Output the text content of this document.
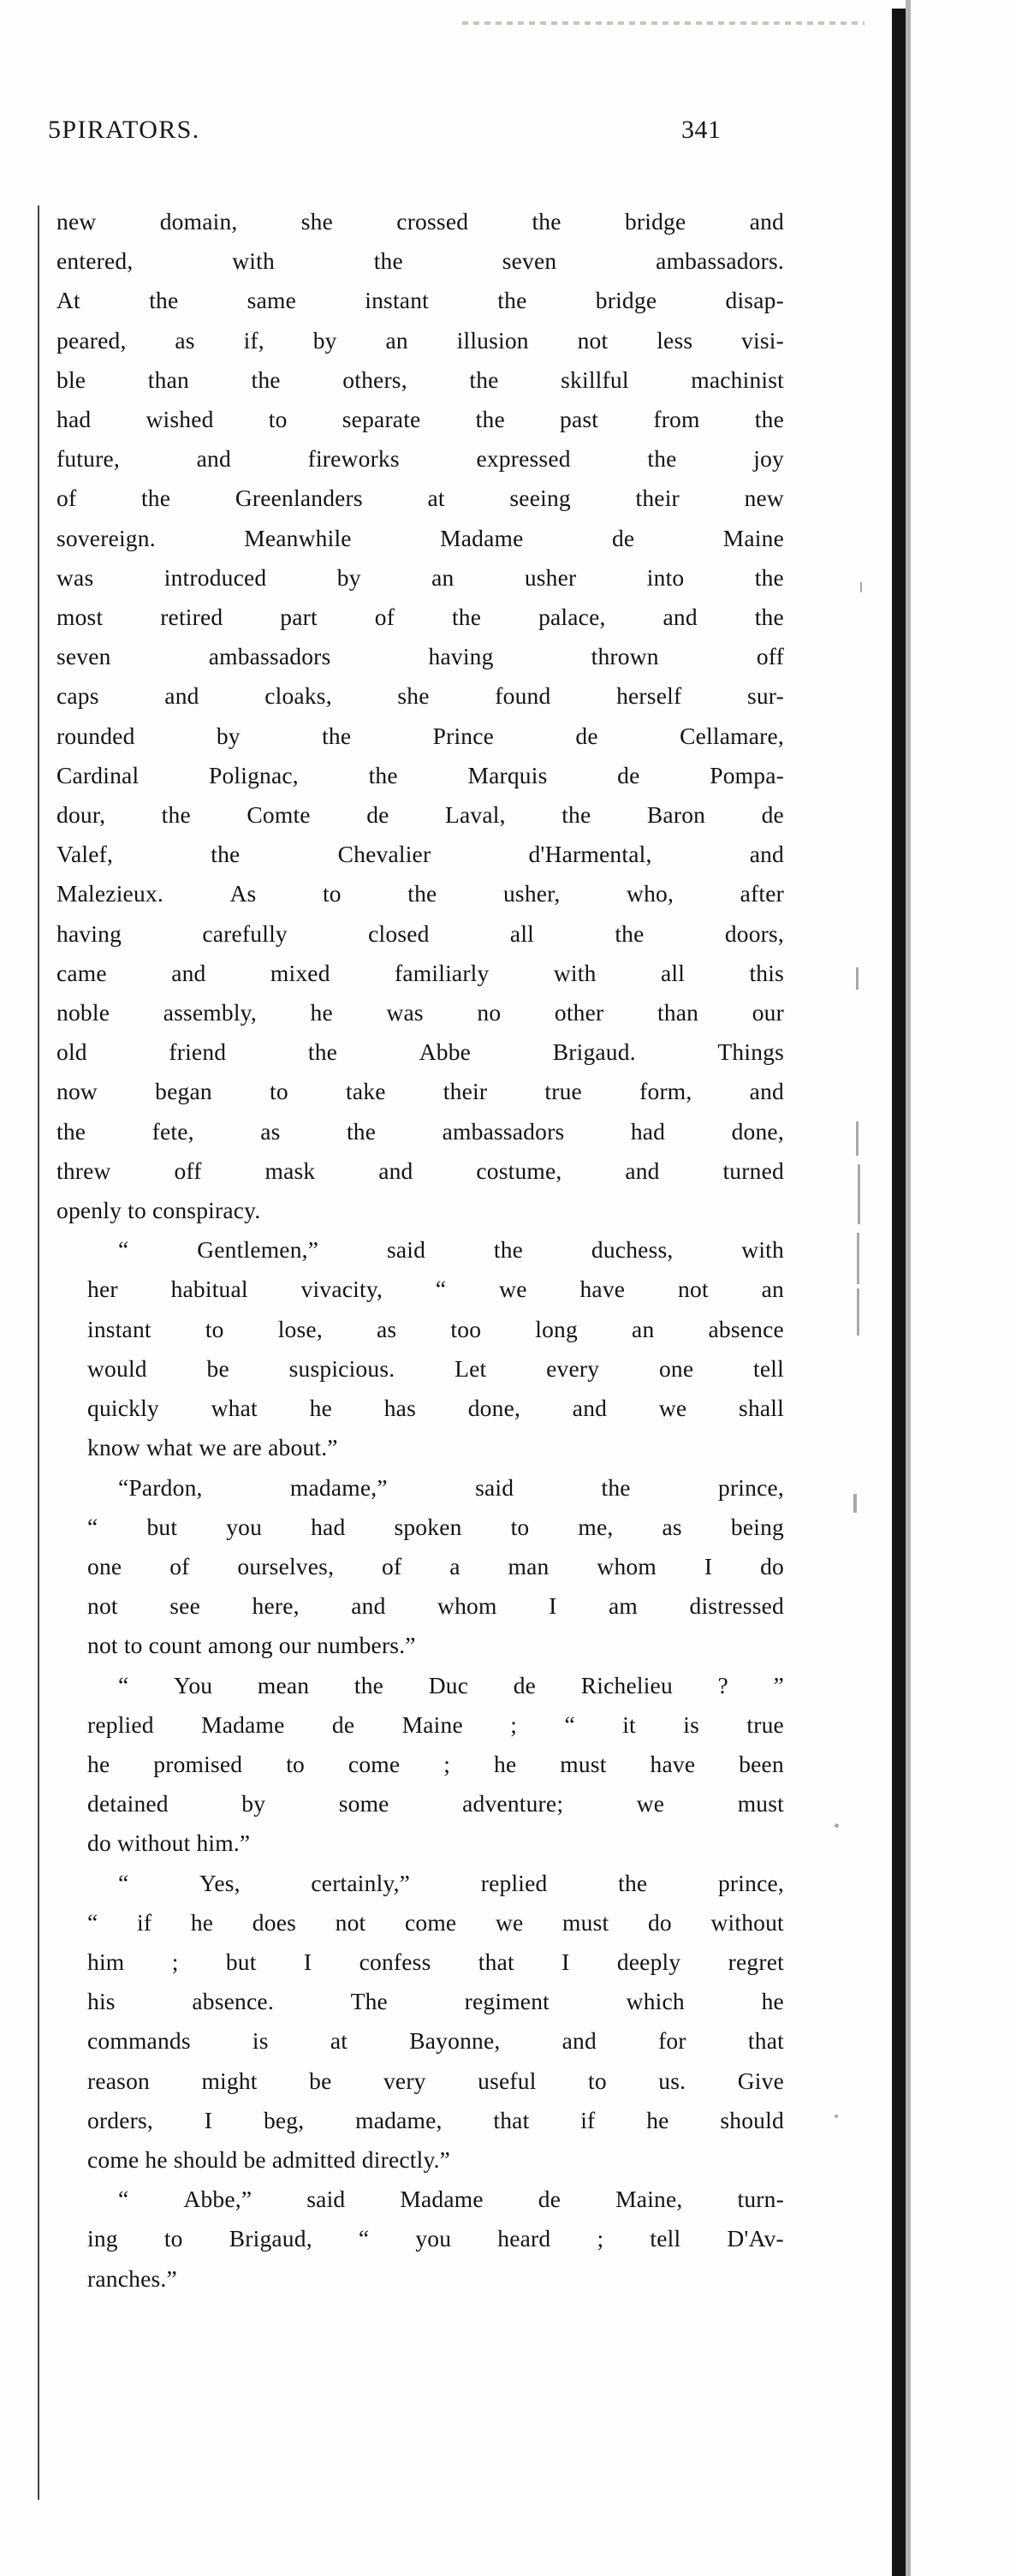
5PIRATORS.	341

new	domain,	she	crossed	the	bridge	and
entered,	with	the	seven	ambassadors.
At	the	same	instant	the	bridge	disap-
peared, as if, by an illusion not less visi-
ble	than	the	others,	the	skillful	machinist
had wished to separate the past from the
future,	and	fireworks	expressed	the	joy
of	the	Greenlanders	at	seeing	their	new
sovereign.	Meanwhile	Madame	de	Maine
was	introduced	by	an	usher	into	the
most retired part of the palace, and the
seven	ambassadors	having	thrown	off
caps	and	cloaks,	she	found	herself	sur-
rounded	by	the	Prince	de	Cellamare,
Cardinal	Polignac,	the	Marquis	de	Pompa-
dour, the Comte de Laval, the Baron de
Valef,	the	Chevalier	d'Harmental,	and
Malezieux.	As	to	the	usher,	who,	after
having	carefully	closed	all	the	doors,
came	and	mixed	familiarly	with	all	this
noble assembly, he was no other than our
old	friend	the	Abbe	Brigaud.	Things
now began to take their true form, and
the	fete,	as	the	ambassadors	had	done,
threw	off	mask	and	costume,	and	turned
openly to conspiracy.

“	Gentlemen,”	said	the	duchess,	with
her	habitual	vivacity,	“	we	have	not	an
instant	to	lose,	as	too	long	an	absence
would	be	suspicious.	Let	every	one	tell
quickly	what	he	has	done,	and	we	shall
know what we are about.”

“Pardon,	madame,”	said	the	prince,
“	but	you	had	spoken	to	me,	as	being
one	of	ourselves,	of	a	man	whom	I	do
not	see	here,	and	whom	I	am	distressed
not to count among our numbers.”

“	You	mean	the	Duc	de	Richelieu	?	”
replied	Madame	de	Maine	;	“	it	is	true
he	promised	to	come	;	he	must	have	been
detained	by	some	adventure;	we	must
do without him.”

“	Yes,	certainly,”	replied	the	prince,
“	if	he	does	not	come	we	must	do	without
him	;	but	I	confess	that	I	deeply	regret
his	absence.	The	regiment	which	he
commands	is	at	Bayonne,	and	for	that
reason	might	be	very	useful	to	us.	Give
orders,	I	beg,	madame,	that	if	he	should
come he should be admitted directly.”

“	Abbe,”	said	Madame	de	Maine,	turn-
ing	to	Brigaud,	“	you	heard	;	tell	D'Av-
ranches.”
